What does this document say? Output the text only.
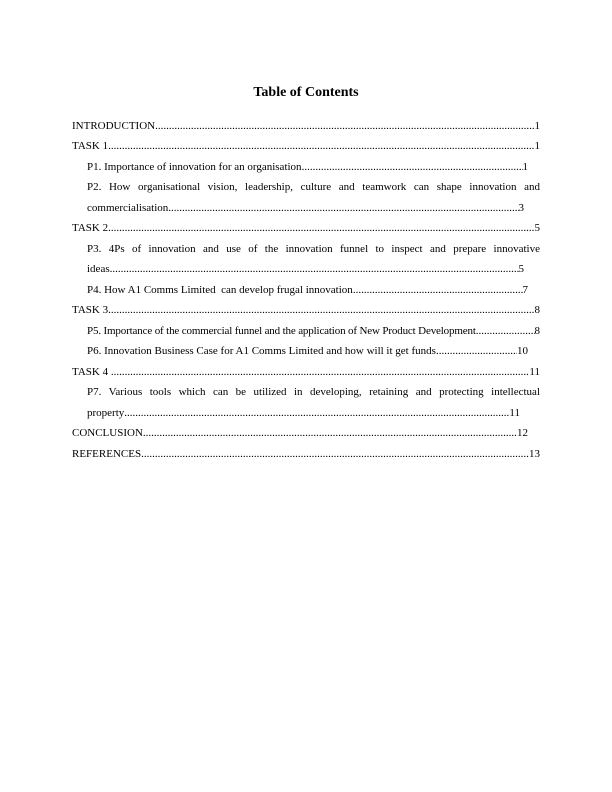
Table of Contents
INTRODUCTION .....	1
TASK 1 .....	1
P1. Importance of innovation for an organisation .....	1
P2. How organisational vision, leadership, culture and teamwork can shape innovation and
commercialisation .....	3
TASK 2 .....	5
P3. 4Ps of innovation and use of the innovation funnel to inspect and prepare innovative
ideas .....	5
P4. How A1 Comms Limited  can develop frugal innovation .....	7
TASK 3 .....	8
P5. Importance of the commercial funnel and the application of New Product Development .....	8
P6. Innovation Business Case for A1 Comms Limited and how will it get funds .....	10
TASK 4 .....	11
P7. Various tools which can be utilized in developing, retaining and protecting intellectual
property .....	11
CONCLUSION .....	12
REFERENCES .....	13
